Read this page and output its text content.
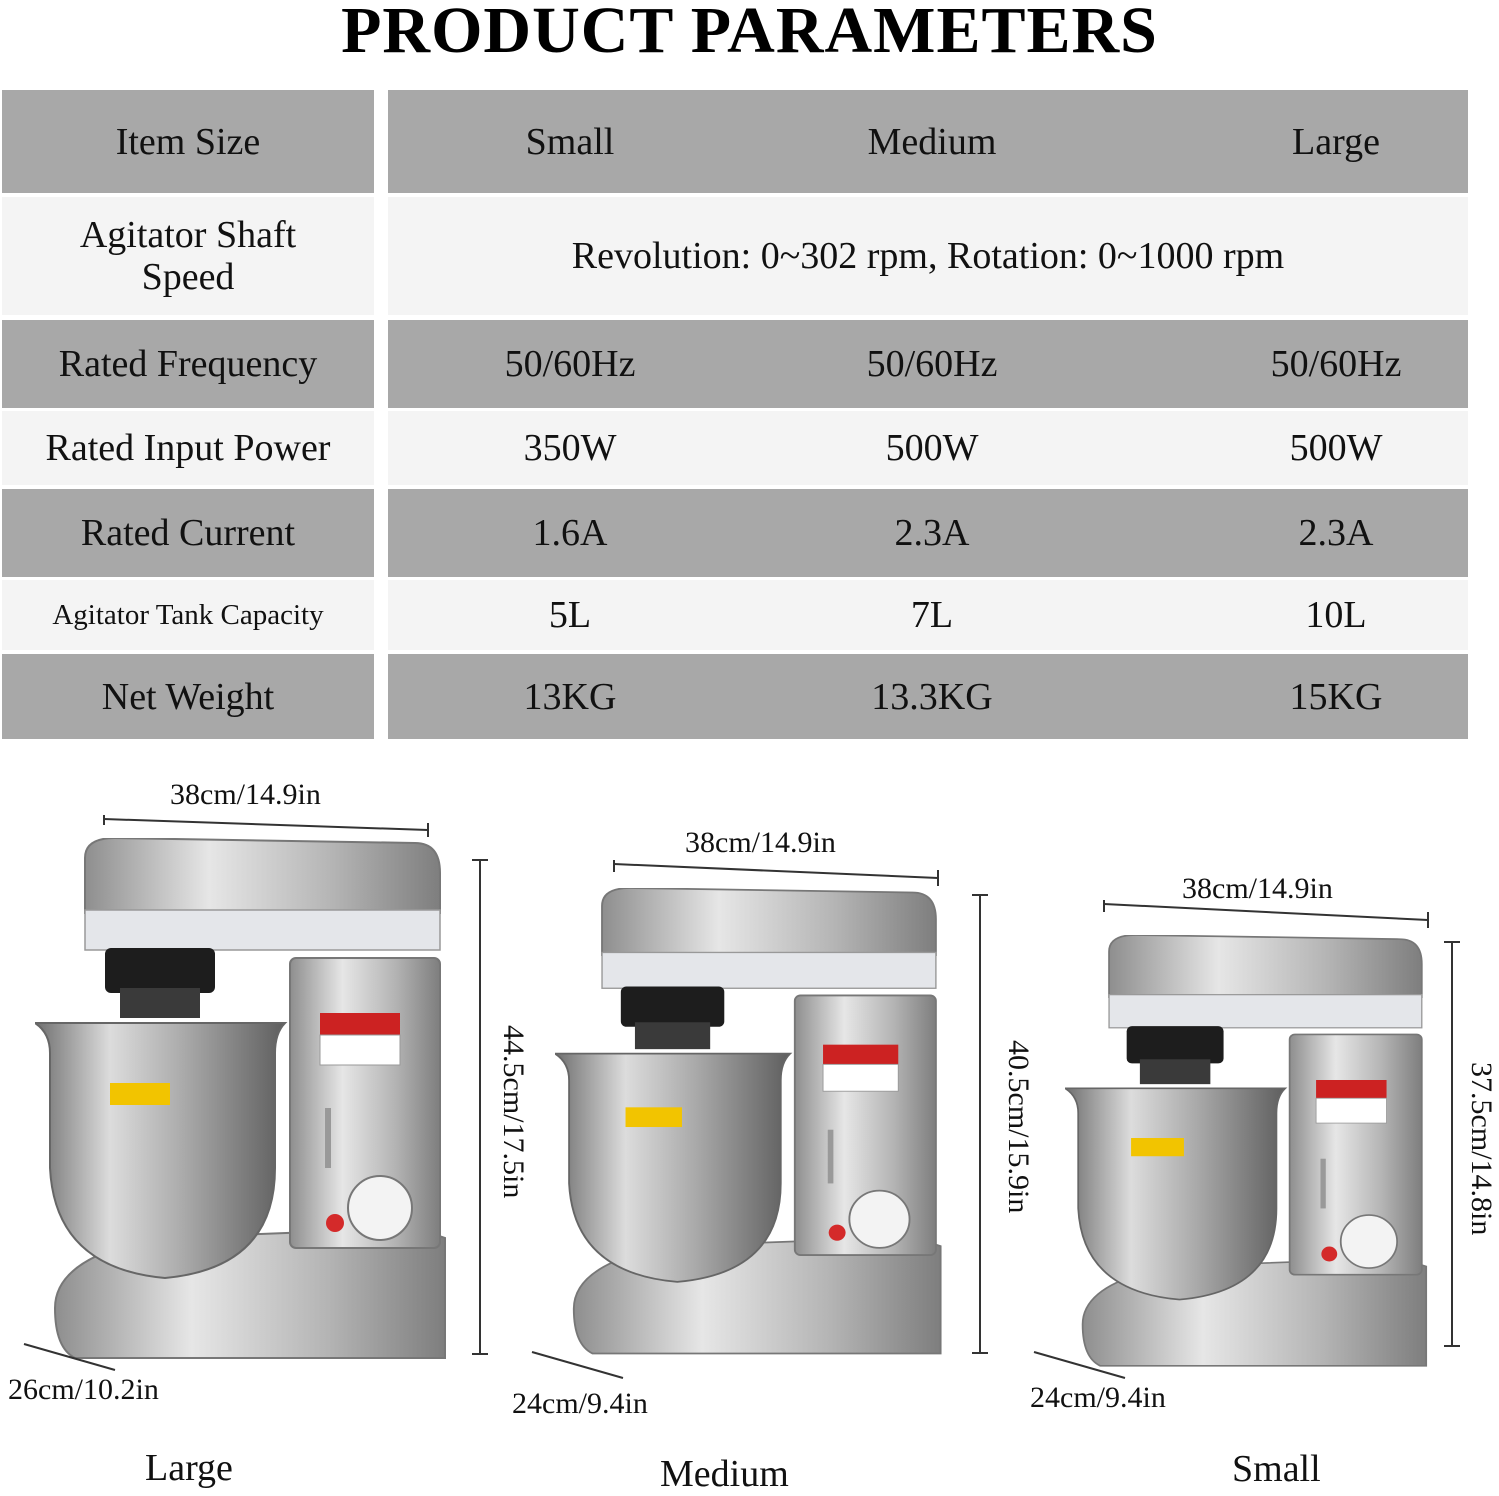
PRODUCT PARAMETERS
Item Size	Small	Medium	Large
Agitator Shaft Speed	Revolution: 0~302 rpm, Rotation: 0~1000 rpm
Rated Frequency	50/60Hz	50/60Hz	50/60Hz
Rated Input Power	350W	500W	500W
Rated Current	1.6A	2.3A	2.3A
Agitator Tank Capacity	5L	7L	10L
Net Weight	13KG	13.3KG	15KG
38cm/14.9in
44.5cm/17.5in
26cm/10.2in
Large
38cm/14.9in
40.5cm/15.9in
24cm/9.4in
Medium
38cm/14.9in
37.5cm/14.8in
24cm/9.4in
Small
